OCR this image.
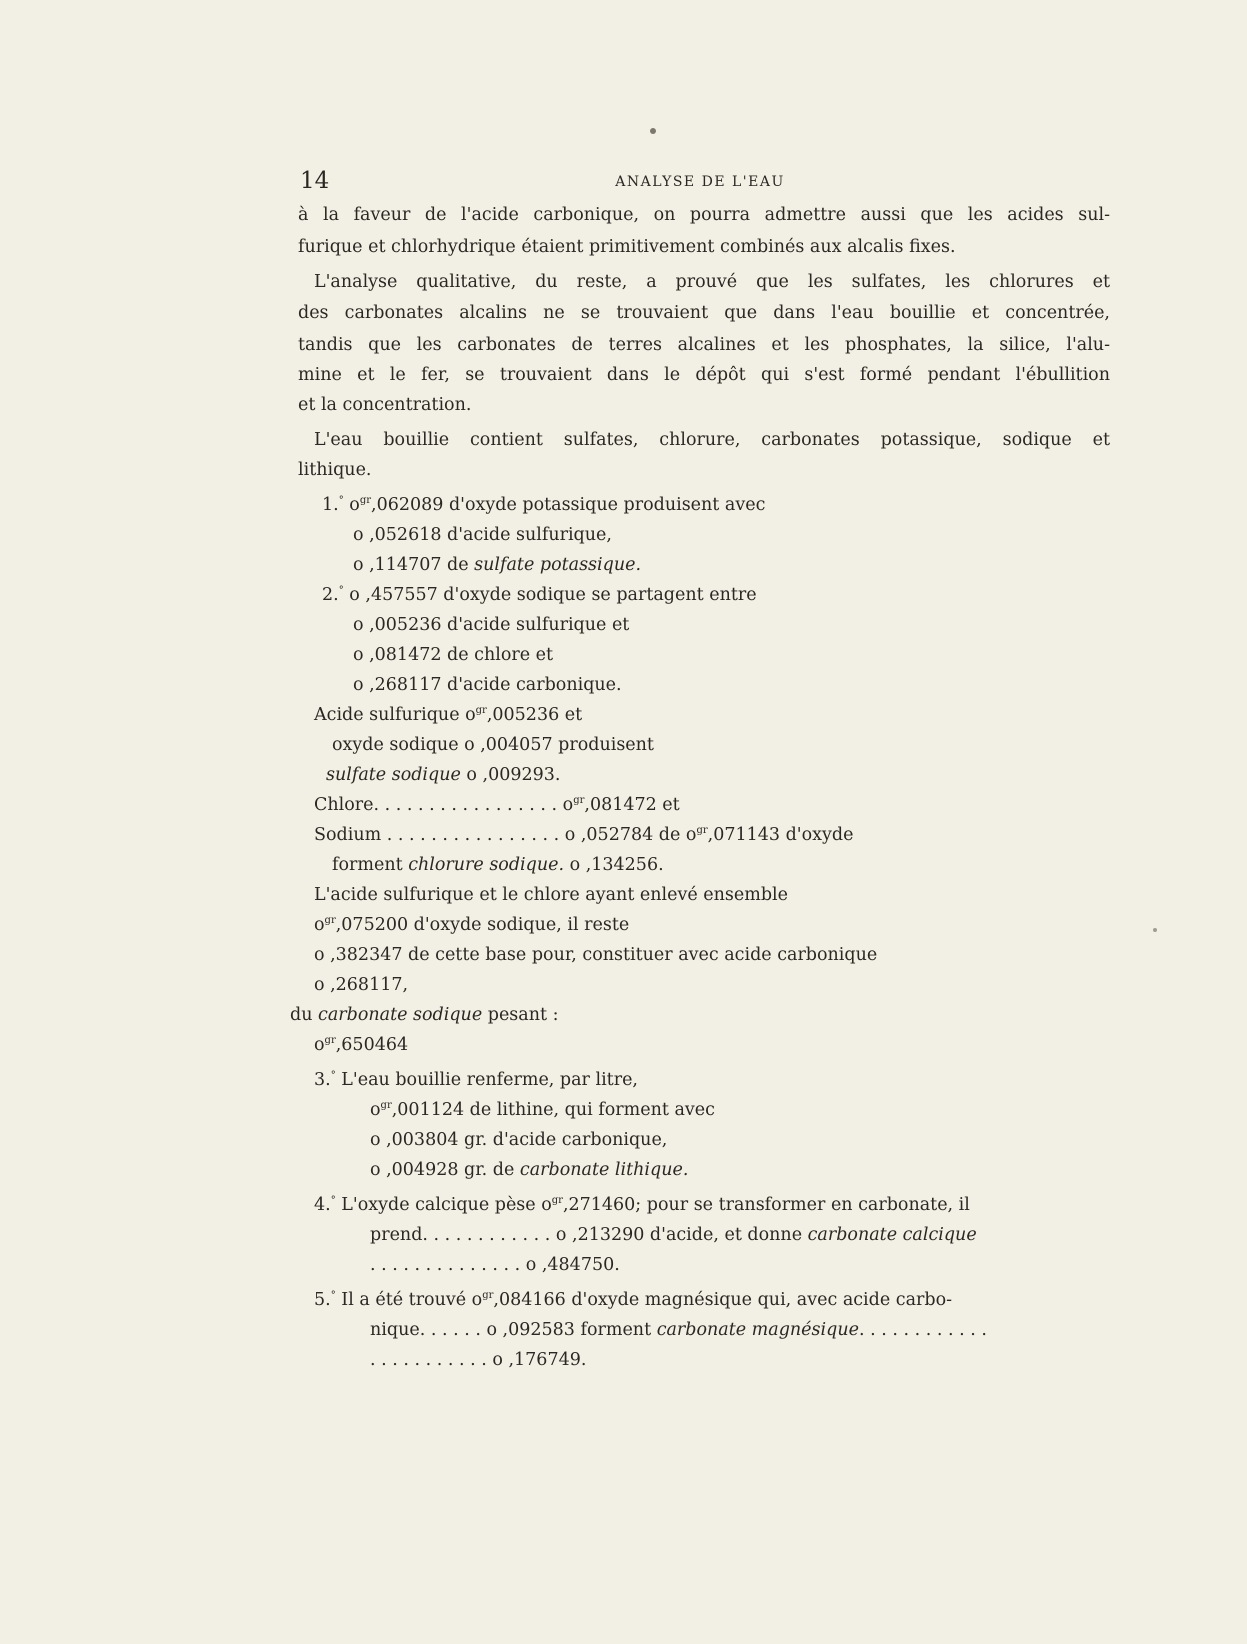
14	ANALYSE DE L'EAU
à la faveur de l'acide carbonique, on pourra admettre aussi que les acides sul-
furique et chlorhydrique étaient primitivement combinés aux alcalis fixes.
L'analyse qualitative, du reste, a prouvé que les sulfates, les chlorures et
des carbonates alcalins ne se trouvaient que dans l'eau bouillie et concentrée,
tandis que les carbonates de terres alcalines et les phosphates, la silice, l'alu-
mine et le fer, se trouvaient dans le dépôt qui s'est formé pendant l'ébullition
et la concentration.
L'eau bouillie contient sulfates, chlorure, carbonates potassique, sodique et
lithique.
1.° $o^{gr},062089$ d'oxyde potassique produisent avec
o ,052618 d'acide sulfurique,
o ,114707 de sulfate potassique.
2.° o ,457557 d'oxyde sodique se partagent entre
o ,005236 d'acide sulfurique et
o ,081472 de chlore et
o ,268117 d'acide carbonique.
Acide sulfurique $o^{gr},005236$ et
oxyde sodique o ,004057 produisent
sulfate sodique o ,009293.
Chlore. . . . . . . . . . . . . . . . . $o^{gr},081472$ et
Sodium . . . . . . . . . . . . . . . . o ,052784 de $o^{gr},071143$ d'oxyde
forment chlorure sodique. o ,134256.
L'acide sulfurique et le chlore ayant enlevé ensemble
$o^{gr},075200$ d'oxyde sodique, il reste
o ,382347 de cette base pour, constituer avec acide carbonique
o ,268117,
du carbonate sodique pesant :
$o^{gr},650464$
3.° L'eau bouillie renferme, par litre,
$o^{gr},001124$ de lithine, qui forment avec
o ,003804 gr. d'acide carbonique,
o ,004928 gr. de carbonate lithique.
4.° L'oxyde calcique pèse $o^{gr},271460$; pour se transformer en carbonate, il
prend. . . . . . . . . . . . o ,213290 d'acide, et donne carbonate calcique
. . . . . . . . . . . . . . o ,484750.
5.° Il a été trouvé $o^{gr},084166$ d'oxyde magnésique qui, avec acide carbo-
nique. . . . . . o ,092583 forment carbonate magnésique. . . . . . . . . . . .
. . . . . . . . . . . o ,176749.
